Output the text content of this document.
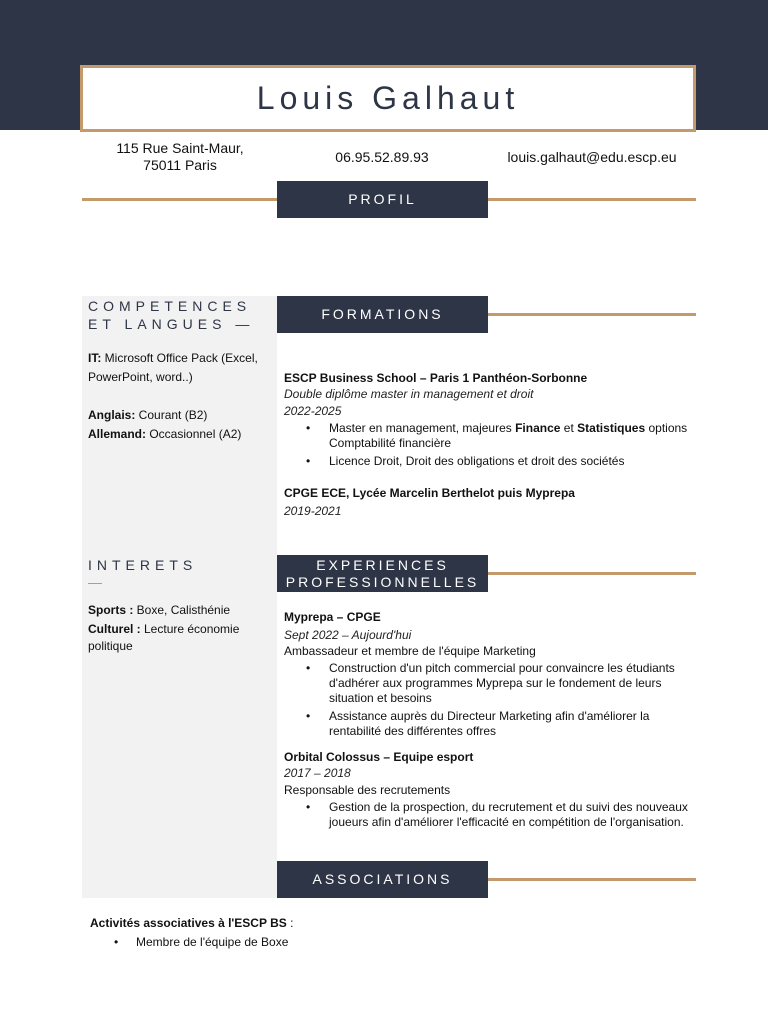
Louis Galhaut
115 Rue Saint-Maur,
75011 Paris	06.95.52.89.93	louis.galhaut@edu.escp.eu
PROFIL
COMPETENCES
ET LANGUES —
IT: Microsoft Office Pack (Excel, PowerPoint, word..)
Anglais: Courant (B2)
Allemand: Occasionnel (A2)
INTERETS
Sports : Boxe, Calisthénie
Culturel : Lecture économie politique
FORMATIONS
ESCP Business School – Paris 1 Panthéon-Sorbonne
Double diplôme master in management et droit
2022-2025
• Master en management, majeures Finance et Statistiques options Comptabilité financière
• Licence Droit, Droit des obligations et droit des sociétés
CPGE ECE, Lycée Marcelin Berthelot puis Myprepa
2019-2021
EXPERIENCES
PROFESSIONNELLES
Myprepa – CPGE
Sept 2022 – Aujourd'hui
Ambassadeur et membre de l'équipe Marketing
• Construction d'un pitch commercial pour convaincre les étudiants d'adhérer aux programmes Myprepa sur le fondement de leurs situation et besoins
• Assistance auprès du Directeur Marketing afin d'améliorer la rentabilité des différentes offres
Orbital Colossus – Equipe esport
2017 – 2018
Responsable des recrutements
• Gestion de la prospection, du recrutement et du suivi des nouveaux joueurs afin d'améliorer l'efficacité en compétition de l'organisation.
ASSOCIATIONS
Activités associatives à l'ESCP BS :
• Membre de l'équipe de Boxe
